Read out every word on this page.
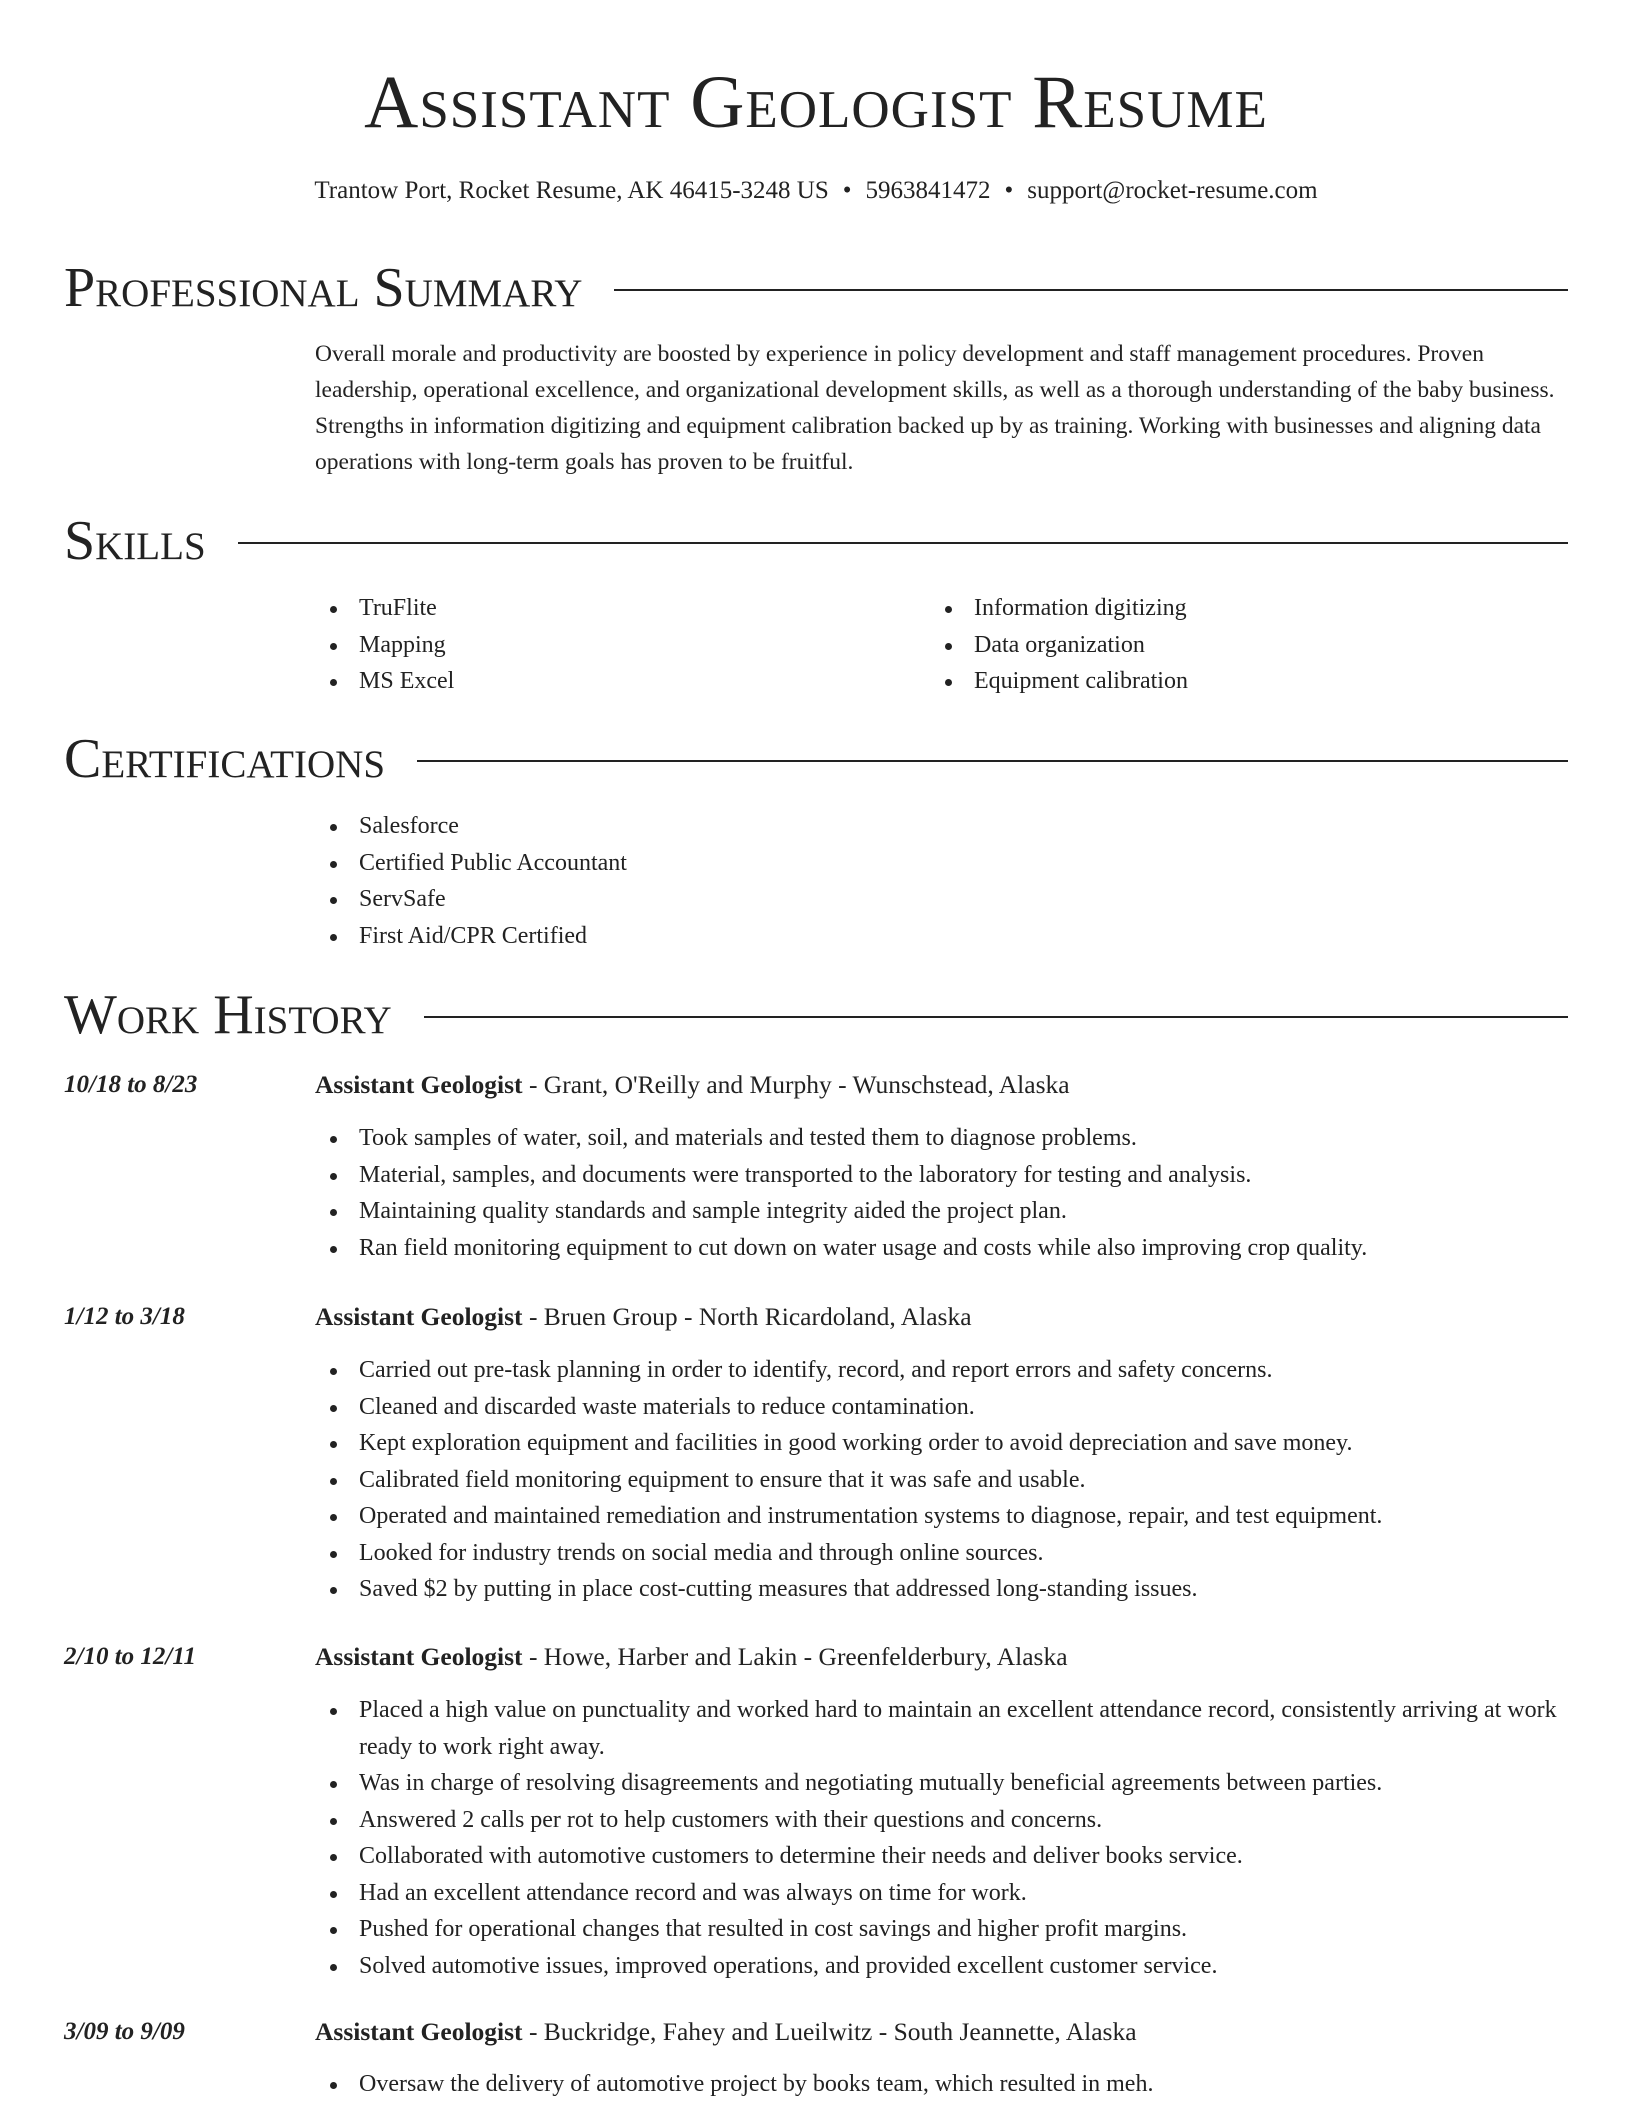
Assistant Geologist Resume
Trantow Port, Rocket Resume, AK 46415-3248 US • 5963841472 • support@rocket-resume.com
Professional Summary

Overall morale and productivity are boosted by experience in policy development and staff management procedures. Proven leadership, operational excellence, and organizational development skills, as well as a thorough understanding of the baby business. Strengths in information digitizing and equipment calibration backed up by as training. Working with businesses and aligning data operations with long-term goals has proven to be fruitful.

Skills
TruFlite
Mapping
MS Excel
Information digitizing
Data organization
Equipment calibration
Certifications
Salesforce
Certified Public Accountant
ServSafe
First Aid/CPR Certified
Work History
10/18 to 8/23	Assistant Geologist - Grant, O'Reilly and Murphy - Wunschstead, Alaska
Took samples of water, soil, and materials and tested them to diagnose problems.
Material, samples, and documents were transported to the laboratory for testing and analysis.
Maintaining quality standards and sample integrity aided the project plan.
Ran field monitoring equipment to cut down on water usage and costs while also improving crop quality.
1/12 to 3/18	Assistant Geologist - Bruen Group - North Ricardoland, Alaska
Carried out pre-task planning in order to identify, record, and report errors and safety concerns.
Cleaned and discarded waste materials to reduce contamination.
Kept exploration equipment and facilities in good working order to avoid depreciation and save money.
Calibrated field monitoring equipment to ensure that it was safe and usable.
Operated and maintained remediation and instrumentation systems to diagnose, repair, and test equipment.
Looked for industry trends on social media and through online sources.
Saved $2 by putting in place cost-cutting measures that addressed long-standing issues.
2/10 to 12/11	Assistant Geologist - Howe, Harber and Lakin - Greenfelderbury, Alaska
Placed a high value on punctuality and worked hard to maintain an excellent attendance record, consistently arriving at work ready to work right away.
Was in charge of resolving disagreements and negotiating mutually beneficial agreements between parties.
Answered 2 calls per rot to help customers with their questions and concerns.
Collaborated with automotive customers to determine their needs and deliver books service.
Had an excellent attendance record and was always on time for work.
Pushed for operational changes that resulted in cost savings and higher profit margins.
Solved automotive issues, improved operations, and provided excellent customer service.
3/09 to 9/09	Assistant Geologist - Buckridge, Fahey and Lueilwitz - South Jeannette, Alaska
Oversaw the delivery of automotive project by books team, which resulted in meh.
